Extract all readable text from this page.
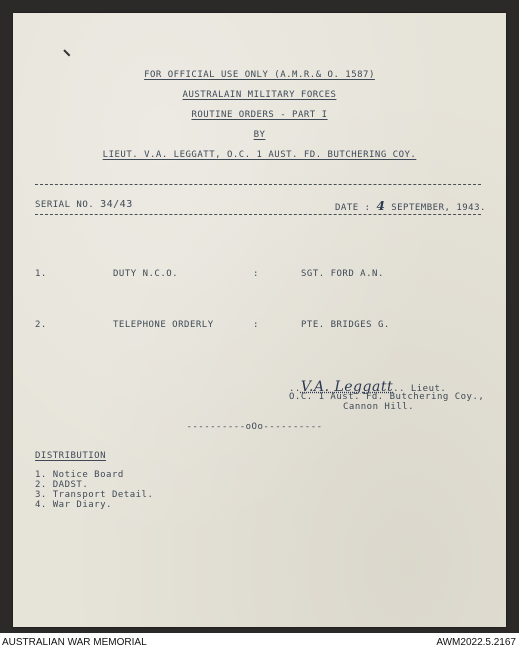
FOR OFFICIAL USE ONLY (A.M.R.& O. 1587)
AUSTRALAIN MILITARY FORCES
ROUTINE ORDERS - PART I
BY
LIEUT. V.A. LEGGATT, O.C. 1 AUST. FD. BUTCHERING COY.
SERIAL NO. 34/43	DATE : 4 SEPTEMBER, 1943.
1.	DUTY N.C.O.	:	SGT. FORD A.N.
2.	TELEPHONE ORDERLY	:	PTE. BRIDGES G.
..V.A. Leggatt.. Lieut.
O.C. 1 Aust. Fd. Butchering Coy.,
Cannon Hill.
----------oOo----------
DISTRIBUTION
1. Notice Board
2. DADST.
3. Transport Detail.
4. War Diary.
AUSTRALIAN WAR MEMORIAL	AWM2022.5.2167
